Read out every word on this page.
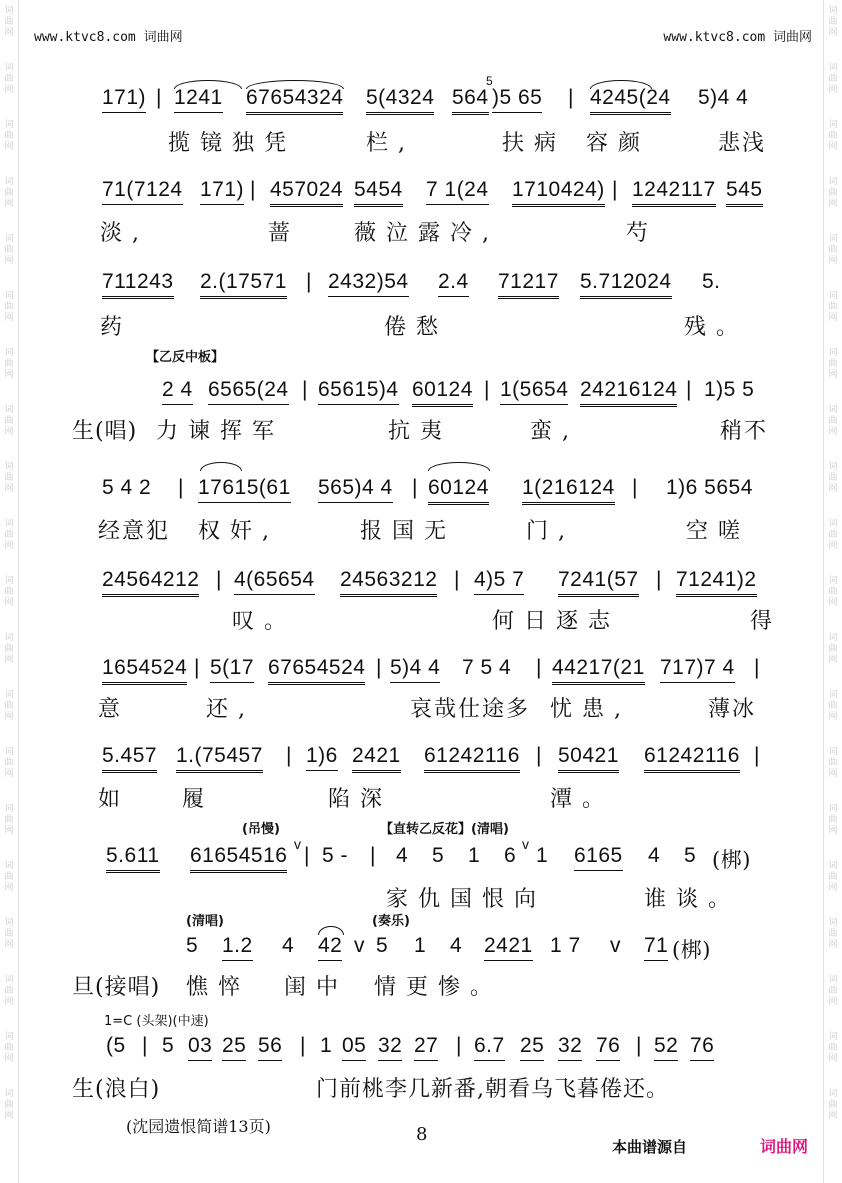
词
曲
网
词
曲
网
词
曲
网
词
曲
网
词
曲
网
词
曲
网
词
曲
网
词
曲
网
词
曲
网
词
曲
网
词
曲
网
词
曲
网
词
曲
网
词
曲
网
词
曲
网
词
曲
网
词
曲
网
词
曲
网
词
曲
网
词
曲
网
词
曲
网
词
曲
网
词
曲
网
词
曲
网
词
曲
网
词
曲
网
词
曲
网
词
曲
网
词
曲
网
词
曲
网
词
曲
网
词
曲
网
词
曲
网
词
曲
网
词
曲
网
词
曲
网
词
曲
网
词
曲
网
词
曲
网
词
曲
网
www.ktvc8.com 词曲网	www.ktvc8.com 词曲网
171) | 1241 67654324 5(4324 564
5
)5 65 | 4245(24 5)4 4
揽镜独凭	栏,	扶病 容颜	悲浅
71(7124 171) | 457024 5454 7 1(24 1710424) | 1242117 545
淡,	蔷 薇泣露冷,	芍
711243 2.(17571 | 2432)54 2.4 71217 5.712024 5.
药	倦愁	残。
【乙反中板】
2 4 6565(24 | 65615)4 60124 | 1(5654 24216124 | 1)5 5
生(唱) 力谏挥军	抗夷	蛮,	稍不
5 4 2 | 17615(61 565)4 4 | 60124 1(216124 | 1)6 5654
经意犯 权奸,	报国无	门,	空嗟
24564212 | 4(65654 24563212 | 4)5 7 7241(57 | 71241)2
叹。	何日逐志	得
1654524 | 5(17 67654524 | 5)4 4 7 5 4 | 44217(21 717)7 4 |
意	还,	哀哉仕途多 忧患,	薄冰
5.457 1.(75457 | 1)6 2421 61242116 | 50421 61242116 |
如 履	陷深	潭。
(吊慢)	【直转乙反花】(清唱)
5.611 61654516 v | 5 - | 4 5 1 6 v 1 6165 4 5 (梆)
家仇国恨向	谁谈。
(清唱)	(奏乐)
5 1.2 4 42 v 5 1 4 2421 1 7 v 71 (梆)
旦(接唱) 憔悴 闺中 情更惨。
1=C (头架)(中速)
(5 | 5 03 25 56 | 1 05 32 27 | 6.7 25 32 76 | 52 76
生(浪白)	门前桃李几新番,朝看乌飞暮倦还。
(沈园遗恨简谱13页)	8
本曲谱源自	词曲网
